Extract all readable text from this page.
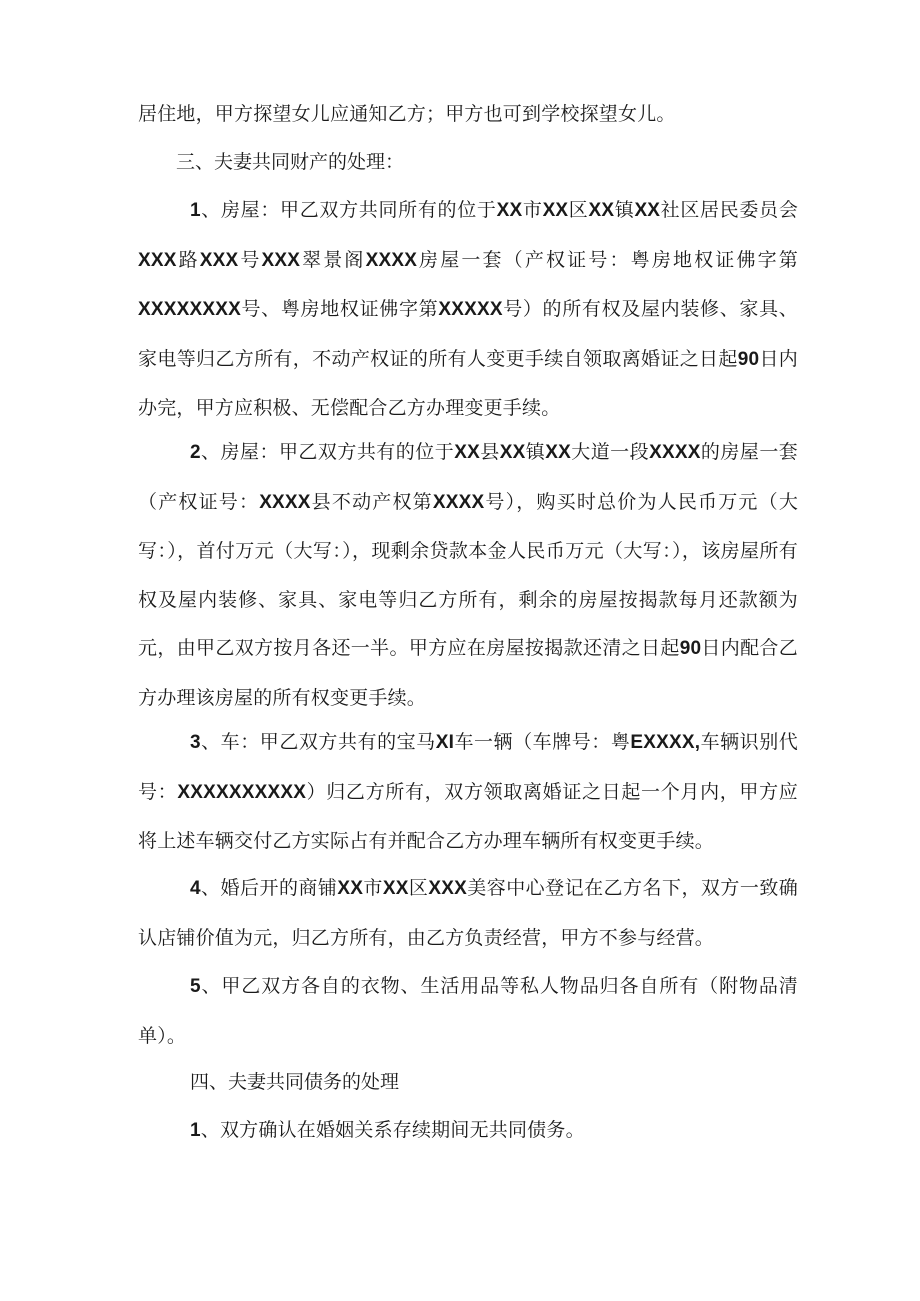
居住地，甲方探望女儿应通知乙方；甲方也可到学校探望女儿。

三、夫妻共同财产的处理：

1、房屋：甲乙双方共同所有的位于XX市XX区XX镇XX社区居民委员会XXX路XXX号XXX翠景阁XXXX房屋一套（产权证号：粤房地权证佛字第XXXXXXXX号、粤房地权证佛字第XXXXX号）的所有权及屋内装修、家具、家电等归乙方所有，不动产权证的所有人变更手续自领取离婚证之日起90日内办完，甲方应积极、无偿配合乙方办理变更手续。

2、房屋：甲乙双方共有的位于XX县XX镇XX大道一段XXXX的房屋一套（产权证号：XXXX县不动产权第XXXX号），购买时总价为人民币万元（大写：），首付万元（大写：），现剩余贷款本金人民币万元（大写：），该房屋所有权及屋内装修、家具、家电等归乙方所有，剩余的房屋按揭款每月还款额为元，由甲乙双方按月各还一半。甲方应在房屋按揭款还清之日起90日内配合乙方办理该房屋的所有权变更手续。

3、车：甲乙双方共有的宝马XI车一辆（车牌号：粤EXXXX,车辆识别代号：XXXXXXXXXX）归乙方所有，双方领取离婚证之日起一个月内，甲方应将上述车辆交付乙方实际占有并配合乙方办理车辆所有权变更手续。

4、婚后开的商铺XX市XX区XXX美容中心登记在乙方名下，双方一致确认店铺价值为元，归乙方所有，由乙方负责经营，甲方不参与经营。

5、甲乙双方各自的衣物、生活用品等私人物品归各自所有（附物品清单）。

四、夫妻共同债务的处理

1、双方确认在婚姻关系存续期间无共同债务。
